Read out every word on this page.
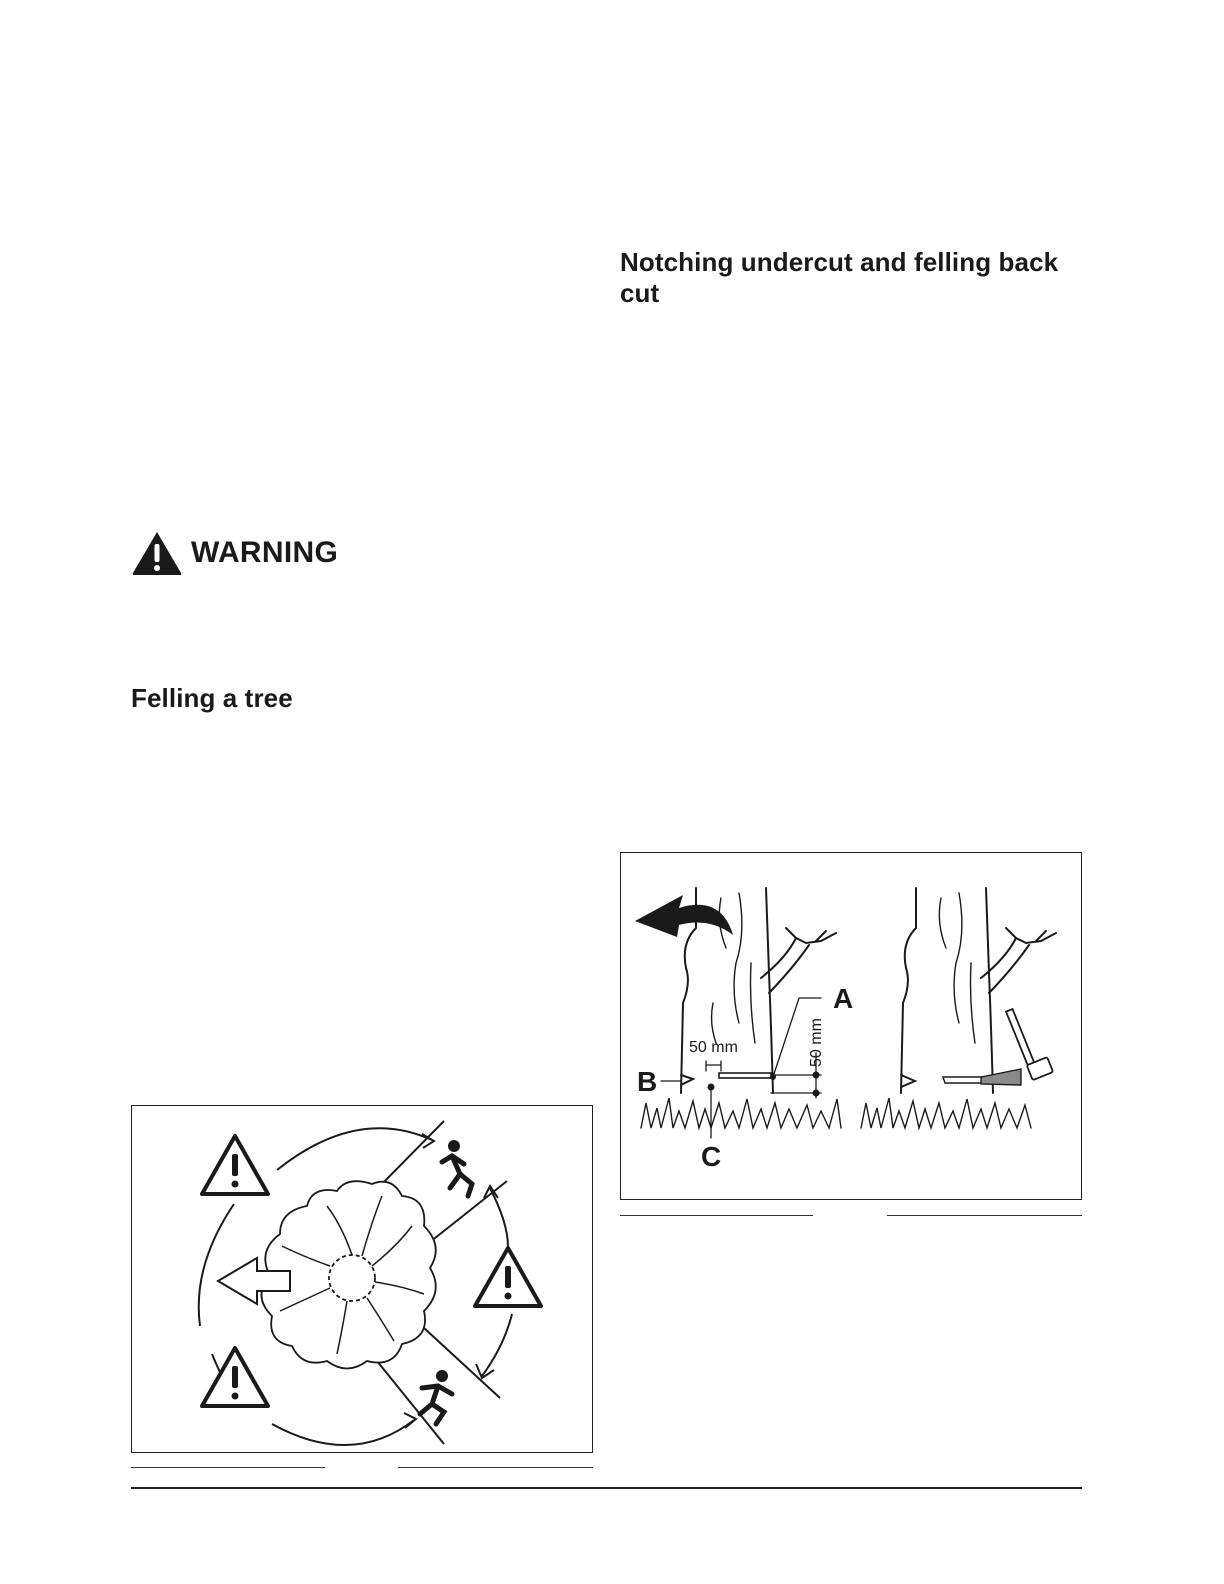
Notching undercut and felling back cut
WARNING
Felling a tree
A
B
C
50 mm	50 mm
